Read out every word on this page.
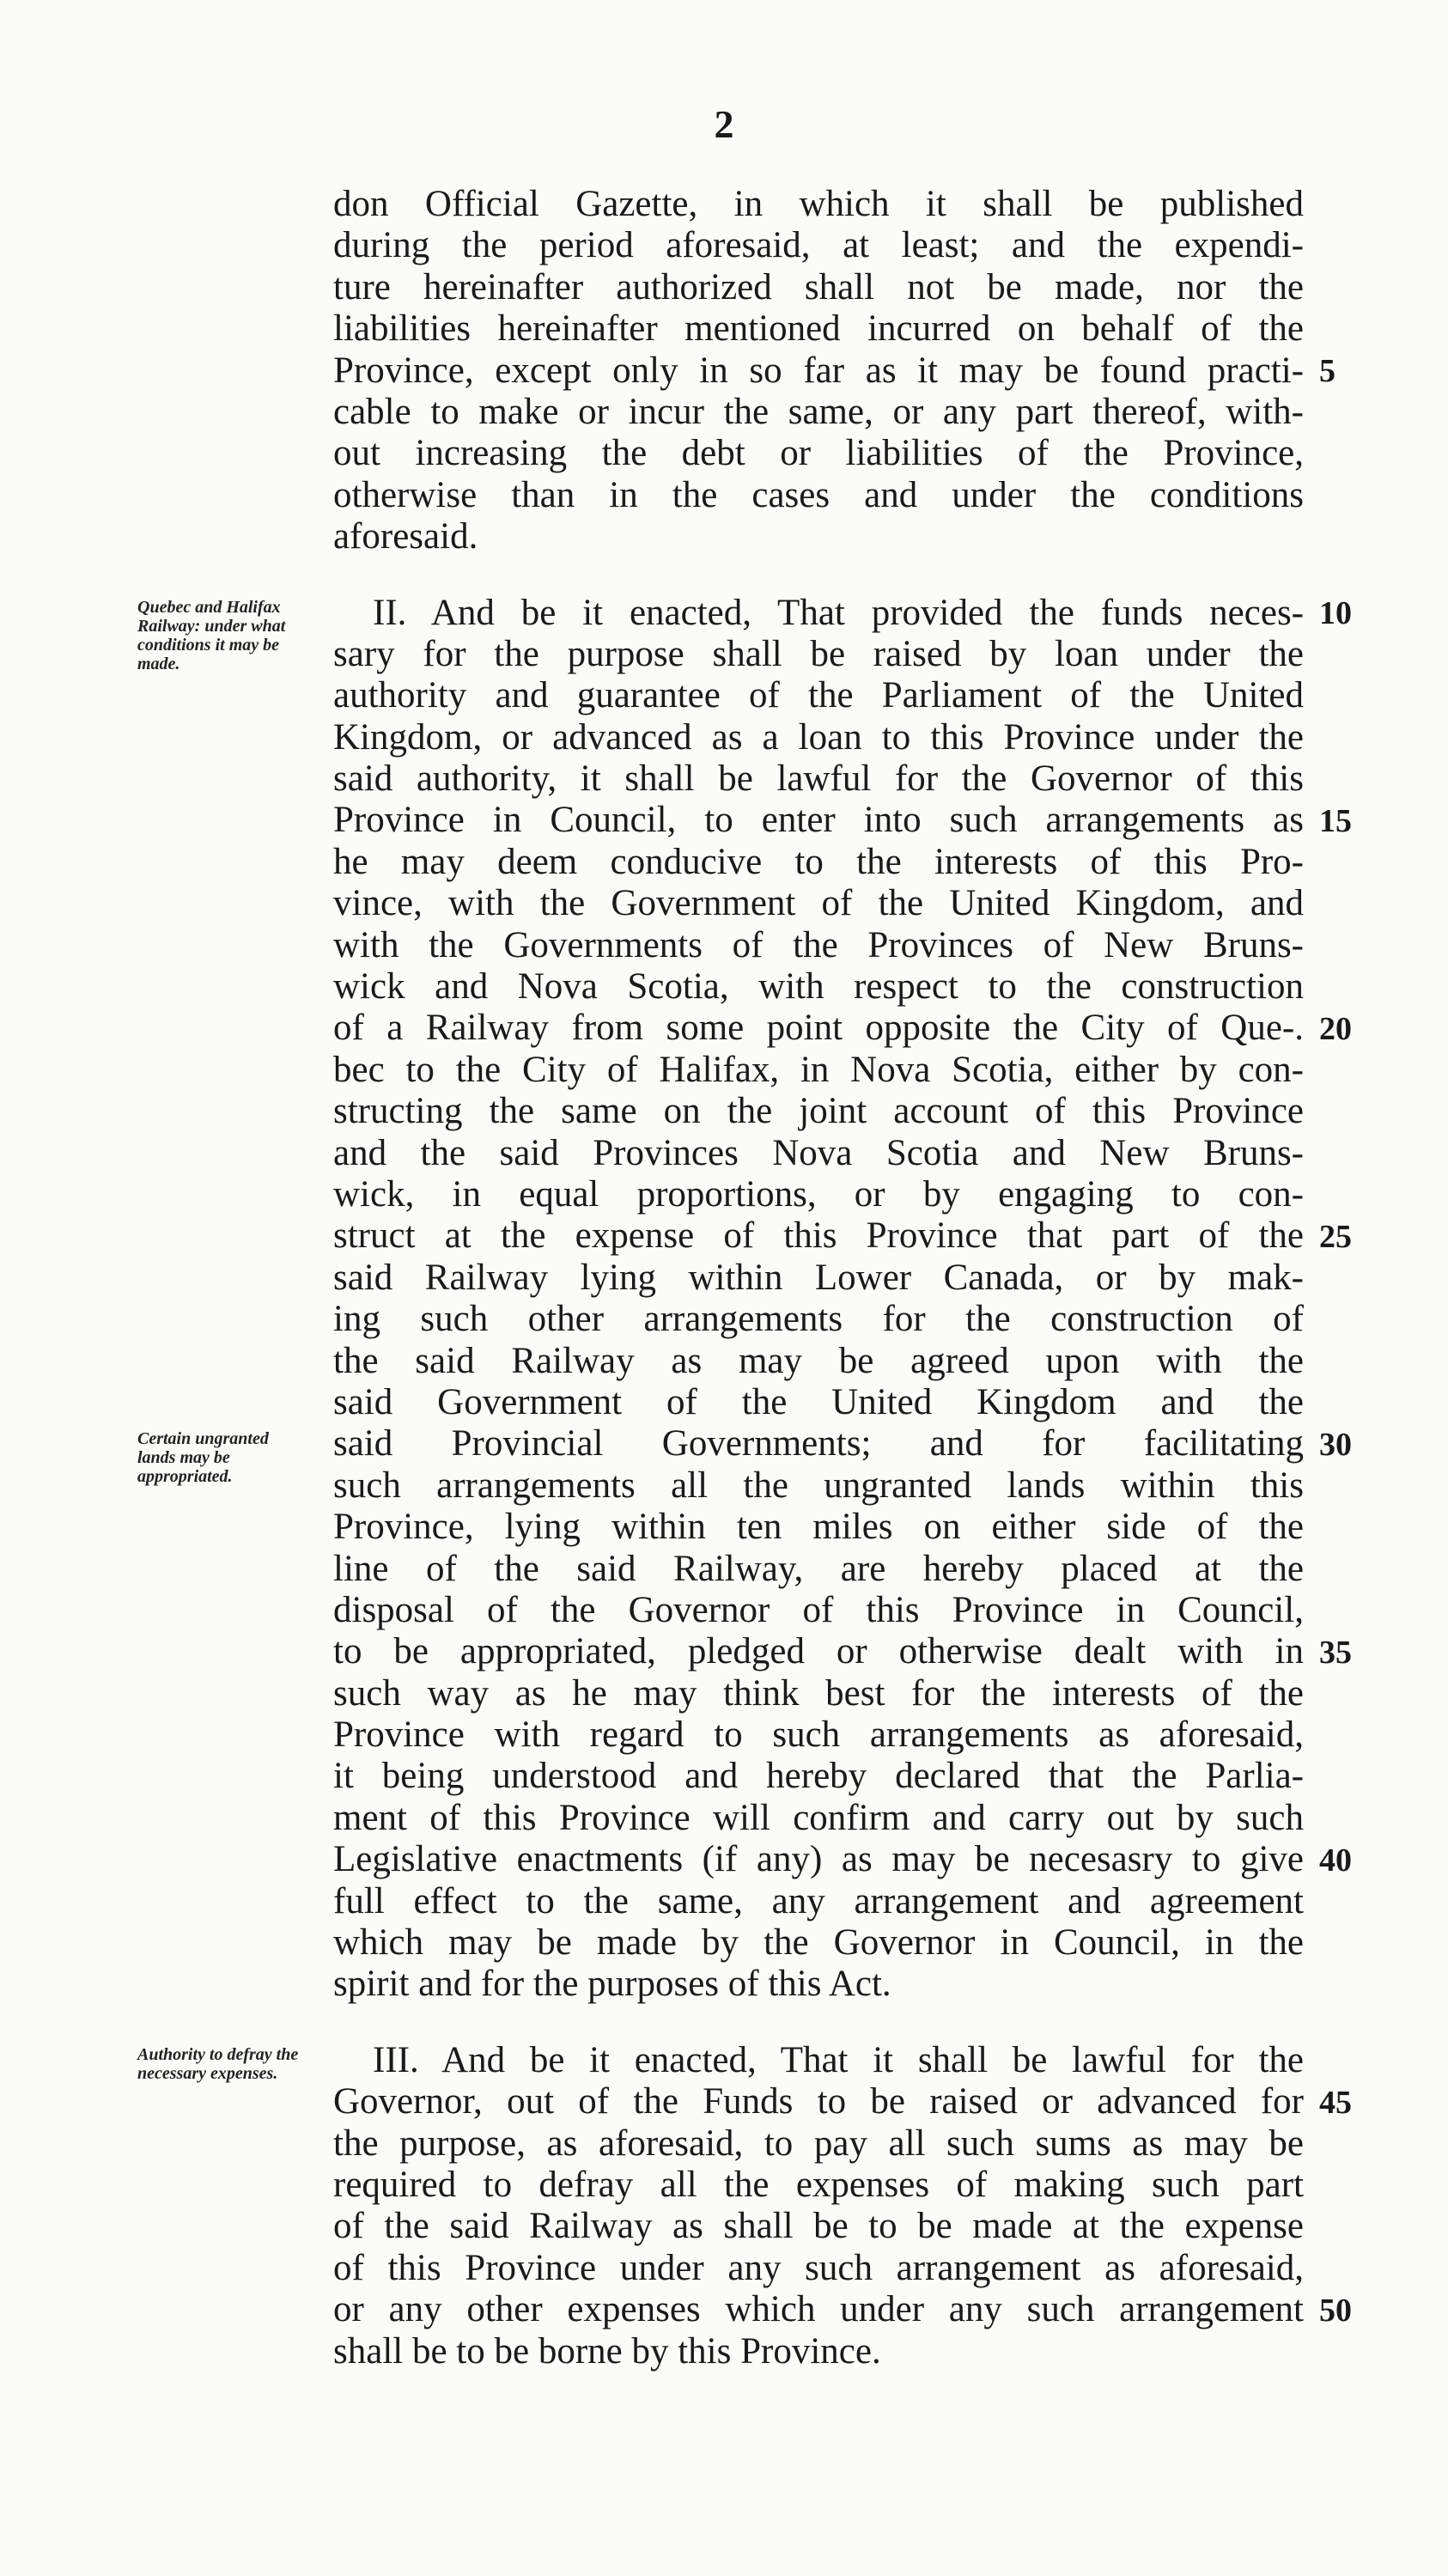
2
don Official Gazette, in which it shall be published
during the period aforesaid, at least; and the expendi-
ture hereinafter authorized shall not be made, nor the
liabilities hereinafter mentioned incurred on behalf of the
Province, except only in so far as it may be found practi-
cable to make or incur the same, or any part thereof, with-
out increasing the debt or liabilities of the Province,
otherwise than in the cases and under the conditions
aforesaid.
II. And be it enacted, That provided the funds neces-
sary for the purpose shall be raised by loan under the
authority and guarantee of the Parliament of the United
Kingdom, or advanced as a loan to this Province under the
said authority, it shall be lawful for the Governor of this
Province in Council, to enter into such arrangements as
he may deem conducive to the interests of this Pro-
vince, with the Government of the United Kingdom, and
with the Governments of the Provinces of New Bruns-
wick and Nova Scotia, with respect to the construction
of a Railway from some point opposite the City of Que-.
bec to the City of Halifax, in Nova Scotia, either by con-
structing the same on the joint account of this Province
and the said Provinces Nova Scotia and New Bruns-
wick, in equal proportions, or by engaging to con-
struct at the expense of this Province that part of the
said Railway lying within Lower Canada, or by mak-
ing such other arrangements for the construction of
the said Railway as may be agreed upon with the
said Government of the United Kingdom and the
said Provincial Governments; and for facilitating
such arrangements all the ungranted lands within this
Province, lying within ten miles on either side of the
line of the said Railway, are hereby placed at the
disposal of the Governor of this Province in Council,
to be appropriated, pledged or otherwise dealt with in
such way as he may think best for the interests of the
Province with regard to such arrangements as aforesaid,
it being understood and hereby declared that the Parlia-
ment of this Province will confirm and carry out by such
Legislative enactments (if any) as may be necesasry to give
full effect to the same, any arrangement and agreement
which may be made by the Governor in Council, in the
spirit and for the purposes of this Act.
III. And be it enacted, That it shall be lawful for the
Governor, out of the Funds to be raised or advanced for
the purpose, as aforesaid, to pay all such sums as may be
required to defray all the expenses of making such part
of the said Railway as shall be to be made at the expense
of this Province under any such arrangement as aforesaid,
or any other expenses which under any such arrangement
shall be to be borne by this Province.
5
10
15
20
25
30
35
40
45
50
Quebec and Halifax Railway: under what conditions it may be made.
Certain ungranted lands may be appropriated.
Authority to defray the necessary expenses.
